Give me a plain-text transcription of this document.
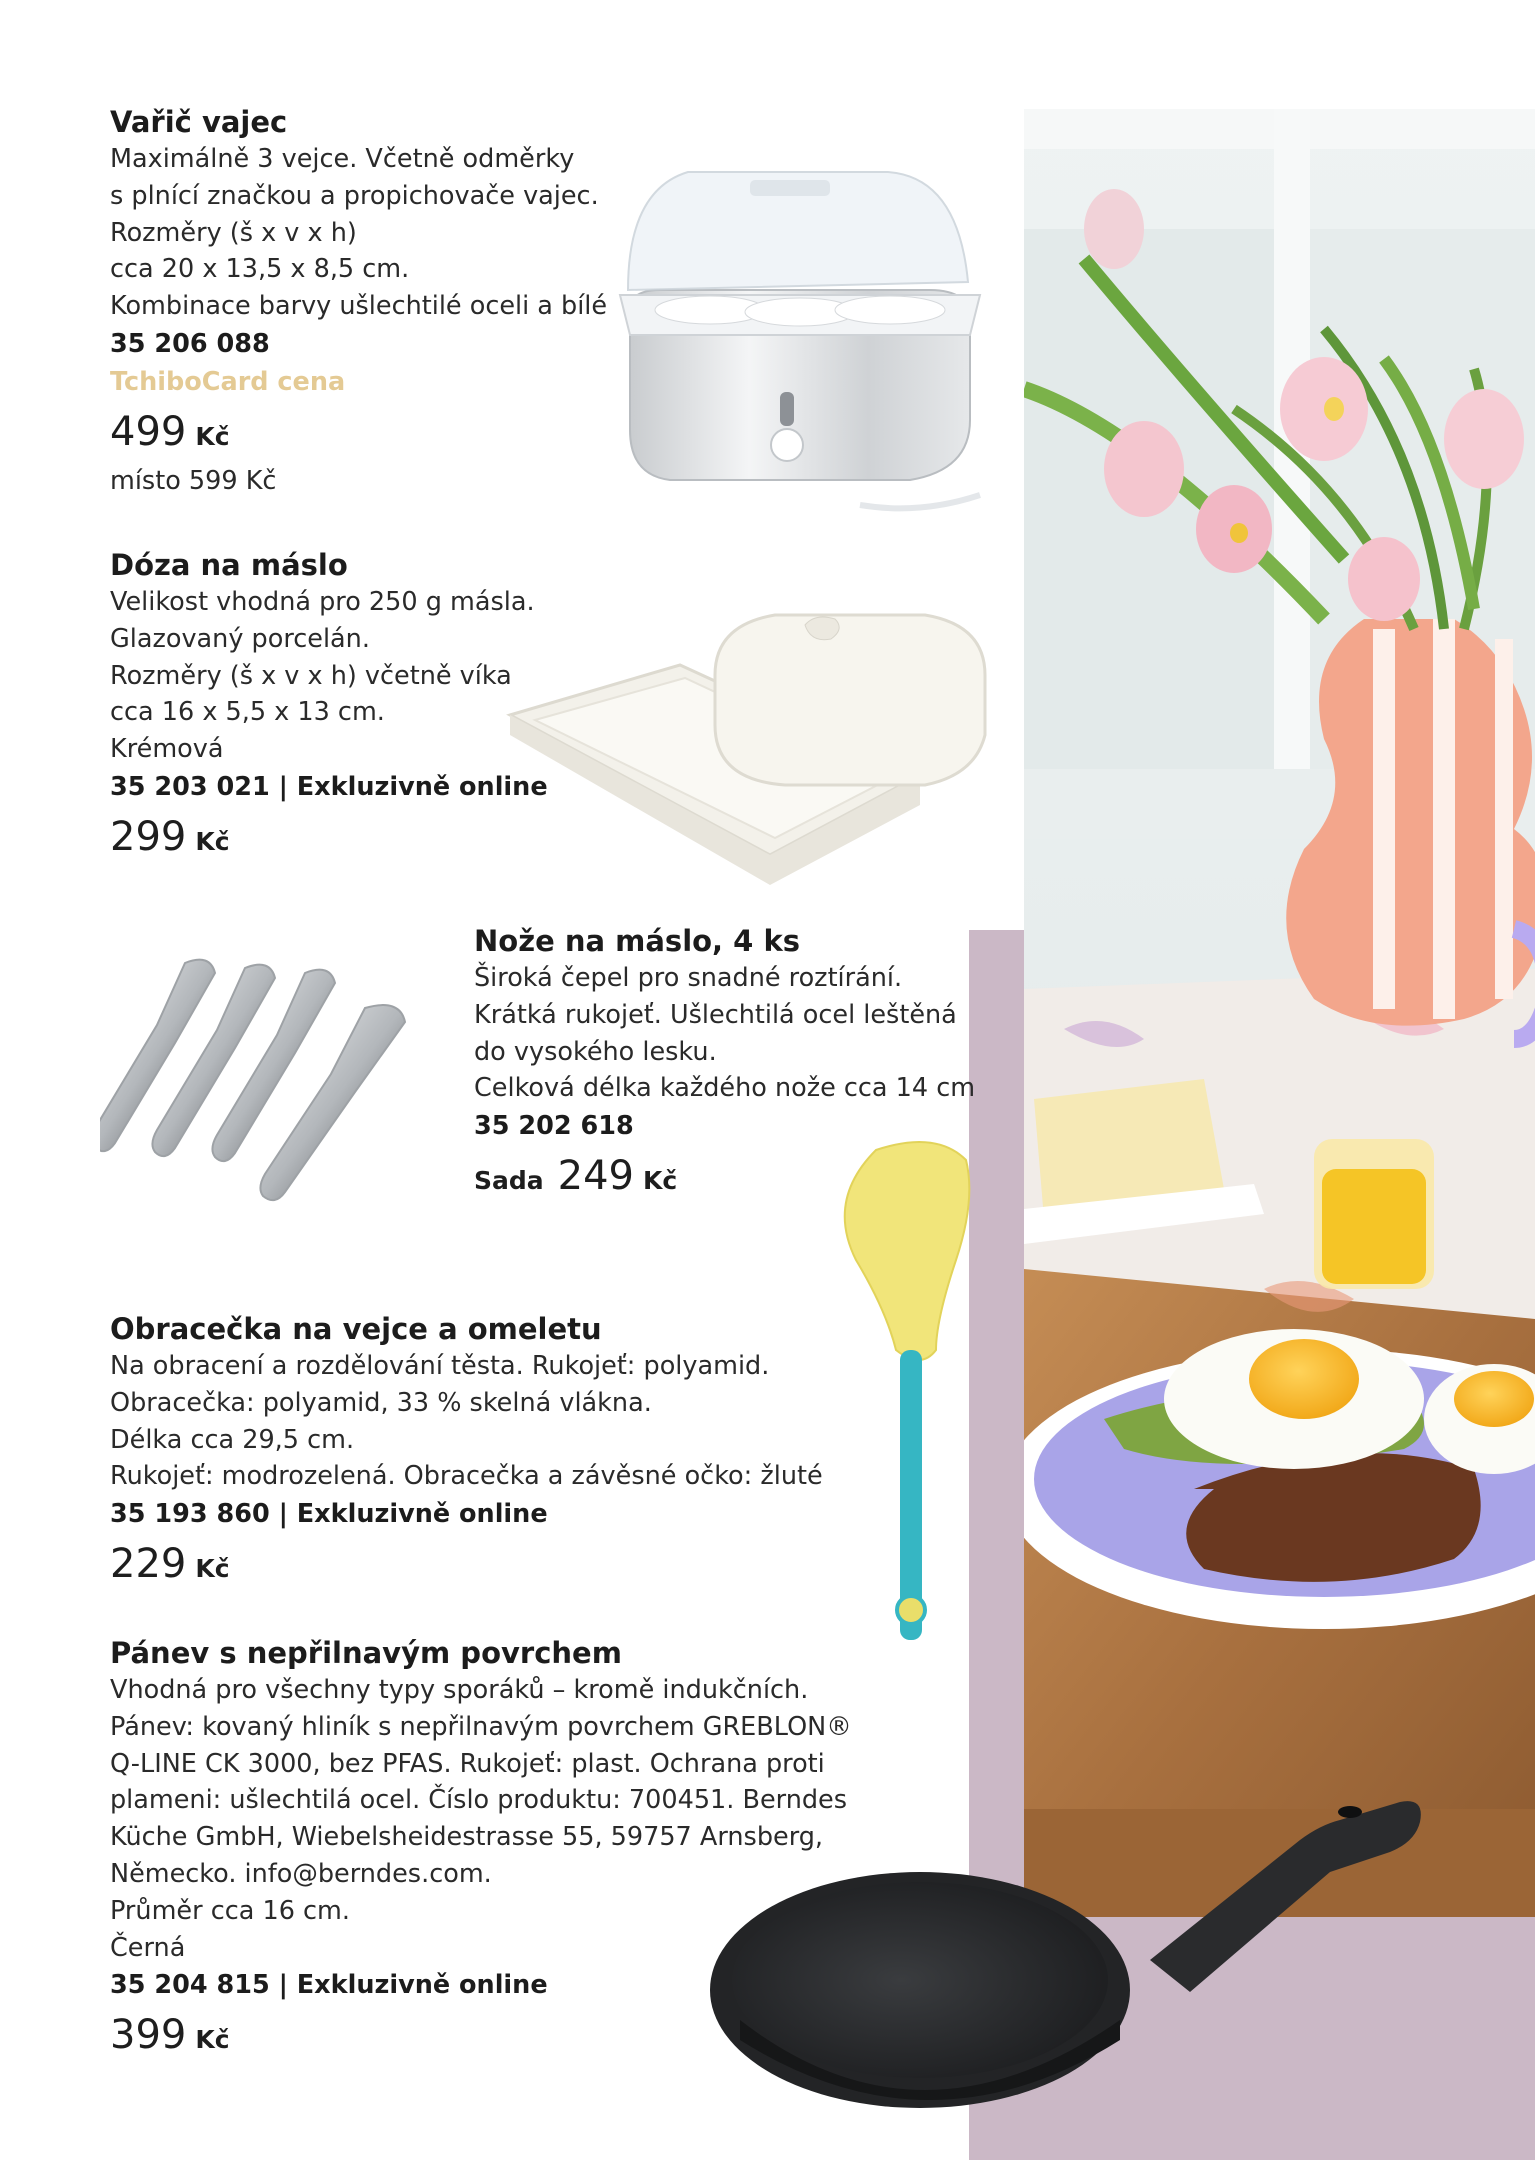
Vařič vajec
Maximálně 3 vejce. Včetně odměrky
s plnící značkou a propichovače vajec.
Rozměry (š x v x h)
cca 20 x 13,5 x 8,5 cm.
Kombinace barvy ušlechtilé oceli a bílé
35 206 088
TchiboCard cena
499 Kč
místo 599 Kč
Dóza na máslo
Velikost vhodná pro 250 g másla.
Glazovaný porcelán.
Rozměry (š x v x h) včetně víka
cca 16 x 5,5 x 13 cm.
Krémová
35 203 021 | Exkluzivně online
299 Kč
Nože na máslo, 4 ks
Široká čepel pro snadné roztírání.
Krátká rukojeť. Ušlechtilá ocel leštěná
do vysokého lesku.
Celková délka každého nože cca 14 cm
35 202 618
Sada 249 Kč
Obracečka na vejce a omeletu
Na obracení a rozdělování těsta. Rukojeť: polyamid.
Obracečka: polyamid, 33 % skelná vlákna.
Délka cca 29,5 cm.
Rukojeť: modrozelená. Obracečka a závěsné očko: žluté
35 193 860 | Exkluzivně online
229 Kč
Pánev s nepřilnavým povrchem
Vhodná pro všechny typy sporáků – kromě indukčních.
Pánev: kovaný hliník s nepřilnavým povrchem GREBLON®
Q-LINE CK 3000, bez PFAS. Rukojeť: plast. Ochrana proti
plameni: ušlechtilá ocel. Číslo produktu: 700451. Berndes
Küche GmbH, Wiebelsheidestrasse 55, 59757 Arnsberg,
Německo. info@berndes.com.
Průměr cca 16 cm.
Černá
35 204 815 | Exkluzivně online
399 Kč
